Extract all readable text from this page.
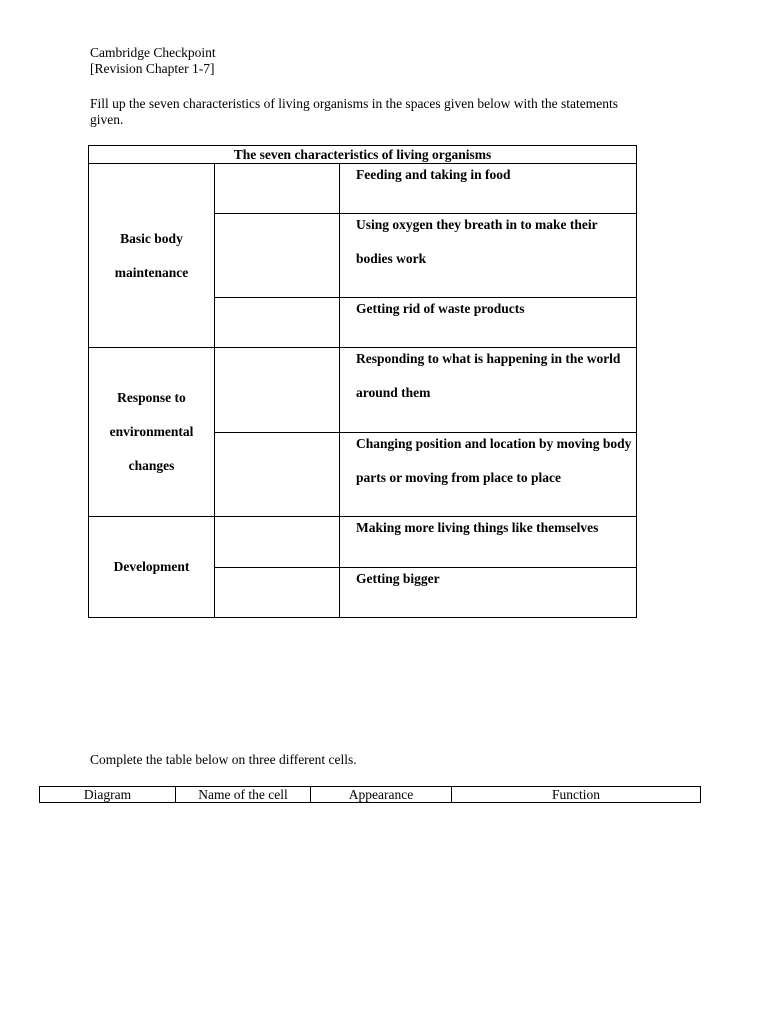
Cambridge Checkpoint
[Revision Chapter 1-7]

Fill up the seven characteristics of living organisms in the spaces given below with the statements given.

The seven characteristics of living organisms		
Basic body maintenance		Feeding and taking in food

		Using oxygen they breath in to make their bodies work

		Getting rid of waste products

Response to environmental changes		Responding to what is happening in the world around them

		Changing position and location by moving body parts or moving from place to place

Development		Making more living things like themselves

		Getting bigger

Complete the table below on three different cells.

Diagram	Name of the cell	Appearance	Function
